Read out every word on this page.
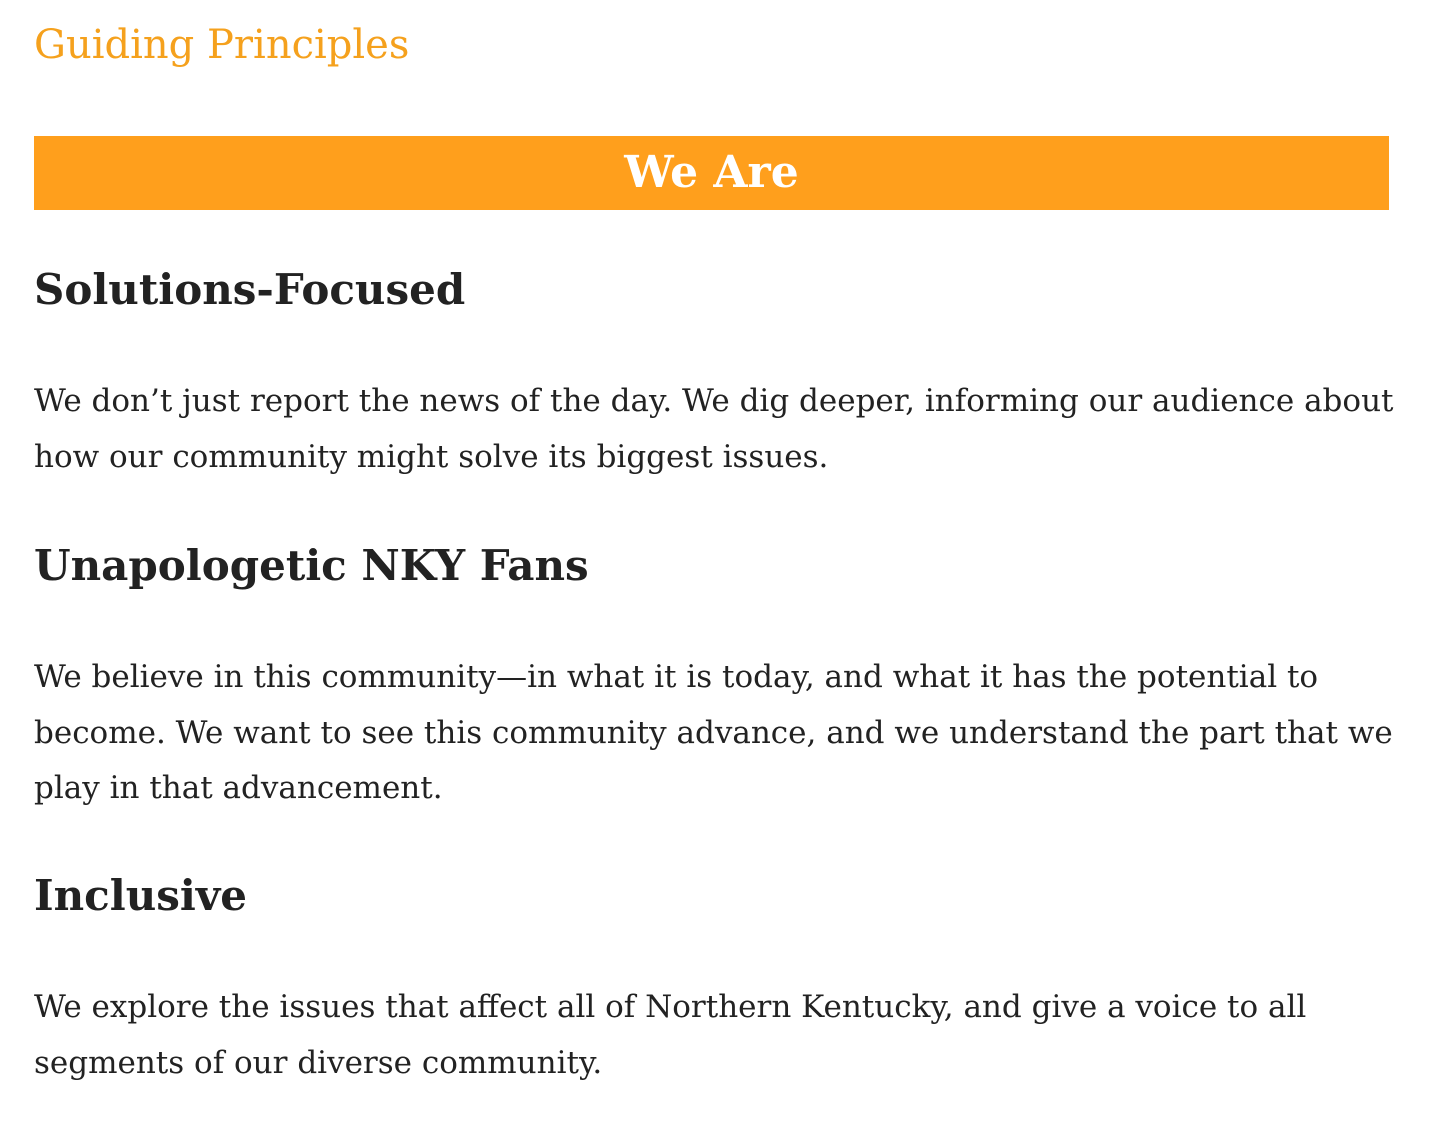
Guiding Principles
We Are
Solutions-Focused

We don’t just report the news of the day. We dig deeper, informing our audience about how our community might solve its biggest issues.

Unapologetic NKY Fans

We believe in this community—in what it is today, and what it has the potential to become. We want to see this community advance, and we understand the part that we play in that advancement.

Inclusive

We explore the issues that affect all of Northern Kentucky, and give a voice to all segments of our diverse community.
